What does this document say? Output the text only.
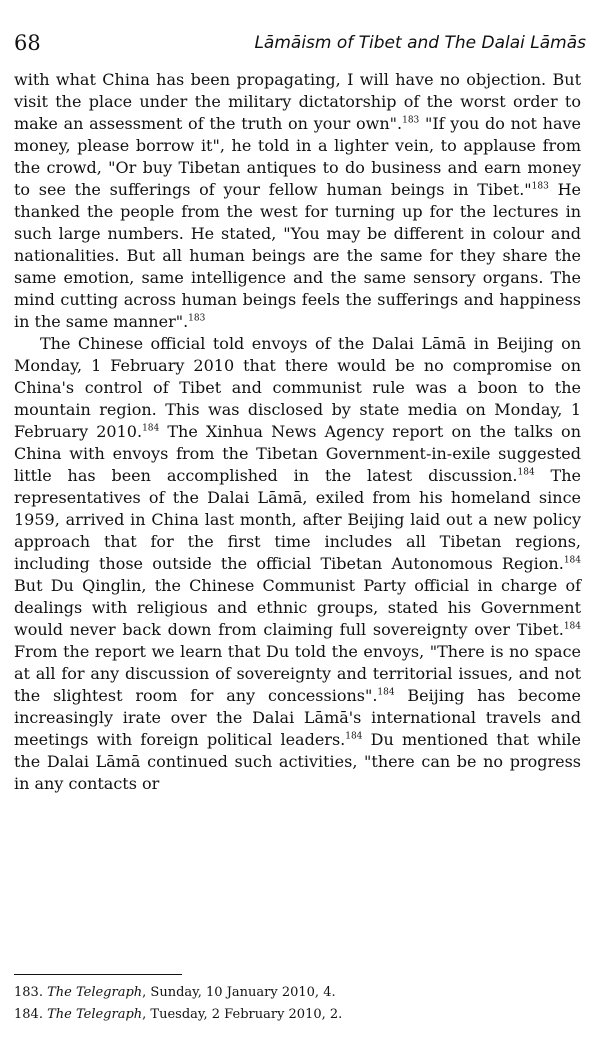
68	Lāmāism of Tibet and The Dalai Lāmās

with what China has been propagating, I will have no objection. But visit the place under the military dictatorship of the worst order to make an assessment of the truth on your own".$^{183}$ "If you do not have money, please borrow it", he told in a lighter vein, to applause from the crowd, "Or buy Tibetan antiques to do business and earn money to see the sufferings of your fellow human beings in Tibet."$^{183}$ He thanked the people from the west for turning up for the lectures in such large numbers. He stated, "You may be different in colour and nationalities. But all human beings are the same for they share the same emotion, same intelligence and the same sensory organs. The mind cutting across human beings feels the sufferings and happiness in the same manner".$^{183}$

The Chinese official told envoys of the Dalai Lāmā in Beijing on Monday, 1 February 2010 that there would be no compromise on China's control of Tibet and communist rule was a boon to the mountain region. This was disclosed by state media on Monday, 1 February 2010.$^{184}$ The Xinhua News Agency report on the talks on China with envoys from the Tibetan Government-in-exile suggested little has been accomplished in the latest discussion.$^{184}$ The representatives of the Dalai Lāmā, exiled from his homeland since 1959, arrived in China last month, after Beijing laid out a new policy approach that for the first time includes all Tibetan regions, including those outside the official Tibetan Autonomous Region.$^{184}$ But Du Qinglin, the Chinese Communist Party official in charge of dealings with religious and ethnic groups, stated his Government would never back down from claiming full sovereignty over Tibet.$^{184}$ From the report we learn that Du told the envoys, "There is no space at all for any discussion of sovereignty and territorial issues, and not the slightest room for any concessions".$^{184}$ Beijing has become increasingly irate over the Dalai Lāmā's international travels and meetings with foreign political leaders.$^{184}$ Du mentioned that while the Dalai Lāmā continued such activities, "there can be no progress in any contacts or

183. The Telegraph, Sunday, 10 January 2010, 4.
184. The Telegraph, Tuesday, 2 February 2010, 2.
